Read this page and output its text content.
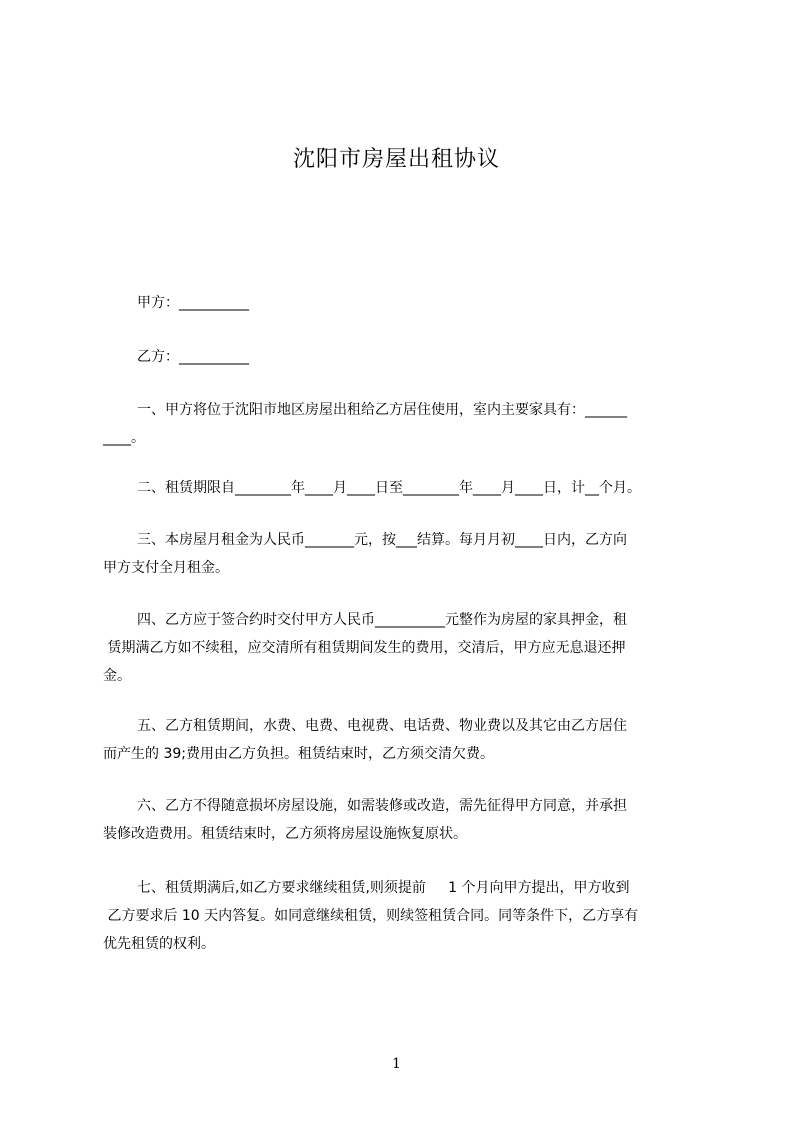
沈阳市房屋出租协议
甲方：__________
乙方：__________
一、甲方将位于沈阳市地区房屋出租给乙方居住使用，室内主要家具有：______
____。
二、租赁期限自________年____月____日至________年____月____日，计__个月。
三、本房屋月租金为人民币_______元，按___结算。每月月初____日内，乙方向
甲方支付全月租金。
四、乙方应于签合约时交付甲方人民币__________元整作为房屋的家具押金，租
赁期满乙方如不续租，应交清所有租赁期间发生的费用，交清后，甲方应无息退还押
金。
五、乙方租赁期间，水费、电费、电视费、电话费、物业费以及其它由乙方居住
而产生的 39;费用由乙方负担。租赁结束时，乙方须交清欠费。
六、乙方不得随意损坏房屋设施，如需装修或改造，需先征得甲方同意，并承担
装修改造费用。租赁结束时，乙方须将房屋设施恢复原状。
七、租赁期满后,如乙方要求继续租赁,则须提前     1 个月向甲方提出，甲方收到
乙方要求后 10 天内答复。如同意继续租赁，则续签租赁合同。同等条件下，乙方享有
优先租赁的权利。
1
